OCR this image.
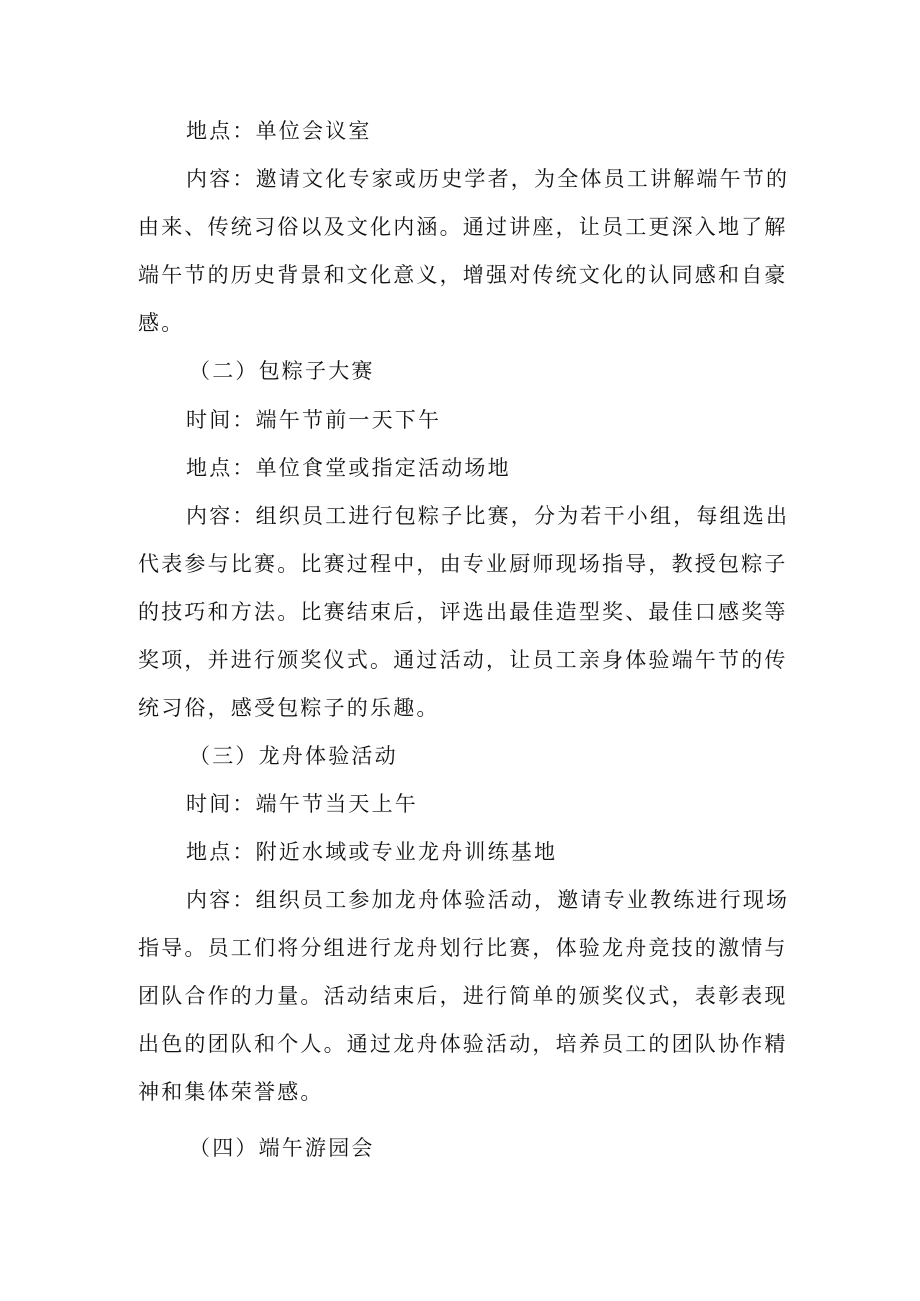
地点：单位会议室
内容：邀请文化专家或历史学者，为全体员工讲解端午节的
由来、传统习俗以及文化内涵。通过讲座，让员工更深入地了解
端午节的历史背景和文化意义，增强对传统文化的认同感和自豪
感。
（二）包粽子大赛
时间：端午节前一天下午
地点：单位食堂或指定活动场地
内容：组织员工进行包粽子比赛，分为若干小组，每组选出
代表参与比赛。比赛过程中，由专业厨师现场指导，教授包粽子
的技巧和方法。比赛结束后，评选出最佳造型奖、最佳口感奖等
奖项，并进行颁奖仪式。通过活动，让员工亲身体验端午节的传
统习俗，感受包粽子的乐趣。
（三）龙舟体验活动
时间：端午节当天上午
地点：附近水域或专业龙舟训练基地
内容：组织员工参加龙舟体验活动，邀请专业教练进行现场
指导。员工们将分组进行龙舟划行比赛，体验龙舟竞技的激情与
团队合作的力量。活动结束后，进行简单的颁奖仪式，表彰表现
出色的团队和个人。通过龙舟体验活动，培养员工的团队协作精
神和集体荣誉感。
（四）端午游园会
